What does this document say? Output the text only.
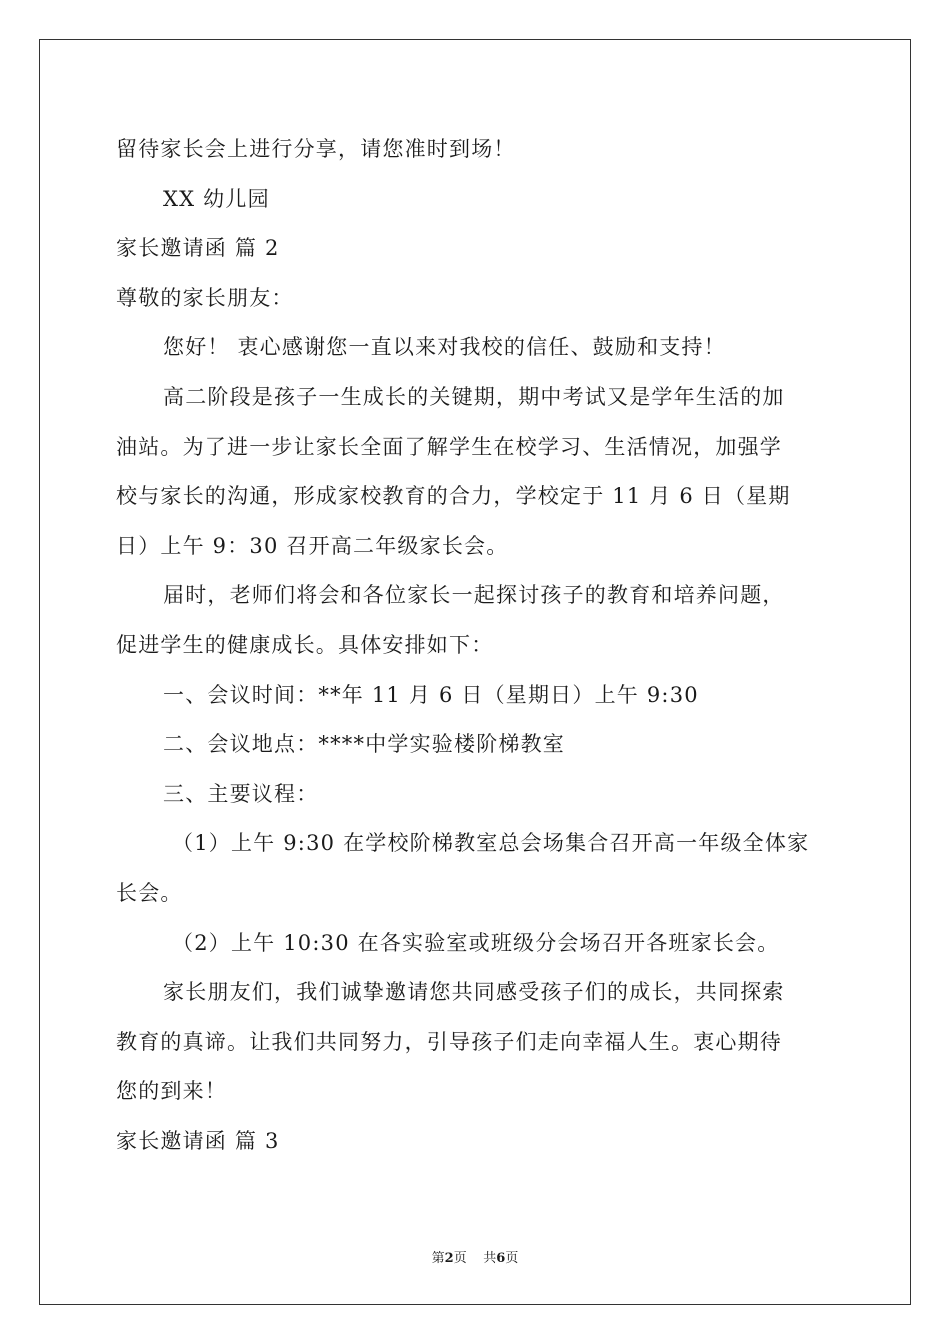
留待家长会上进行分享，请您准时到场！

XX 幼儿园

家长邀请函 篇 2

尊敬的家长朋友：

您好！ 衷心感谢您一直以来对我校的信任、鼓励和支持！

高二阶段是孩子一生成长的关键期，期中考试又是学年生活的加

油站。为了进一步让家长全面了解学生在校学习、生活情况，加强学

校与家长的沟通，形成家校教育的合力，学校定于 11 月 6 日（星期

日）上午 9：30 召开高二年级家长会。

届时，老师们将会和各位家长一起探讨孩子的教育和培养问题，

促进学生的健康成长。具体安排如下：

一、会议时间：**年 11 月 6 日（星期日）上午 9:30

二、会议地点：****中学实验楼阶梯教室

三、主要议程：

（1）上午 9:30 在学校阶梯教室总会场集合召开高一年级全体家

长会。

（2）上午 10:30 在各实验室或班级分会场召开各班家长会。

家长朋友们，我们诚挚邀请您共同感受孩子们的成长，共同探索

教育的真谛。让我们共同努力，引导孩子们走向幸福人生。衷心期待

您的到来！

家长邀请函 篇 3

第2页 共6页
